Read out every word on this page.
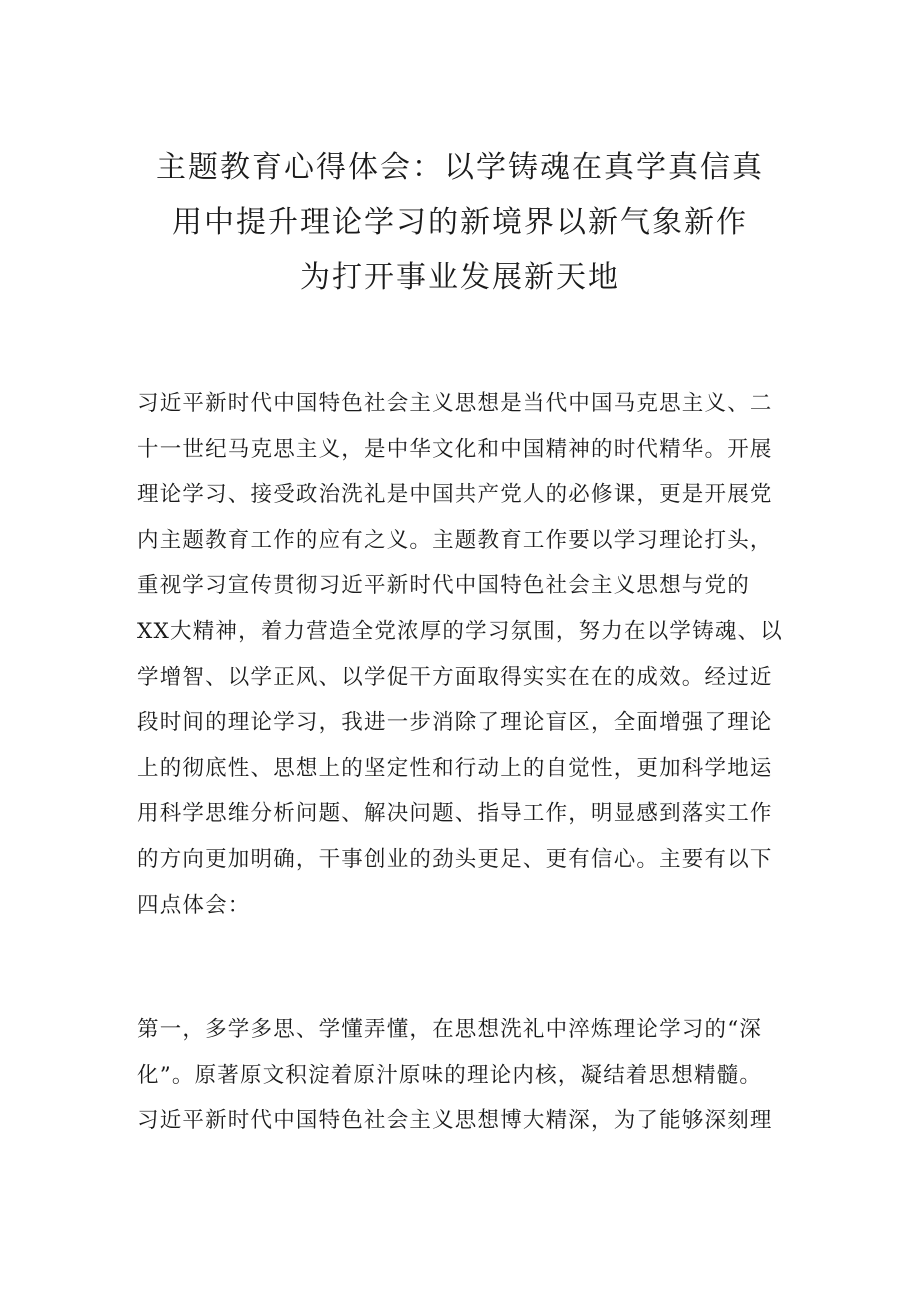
主题教育心得体会：以学铸魂在真学真信真
用中提升理论学习的新境界以新气象新作
为打开事业发展新天地
习近平新时代中国特色社会主义思想是当代中国马克思主义、二
十一世纪马克思主义，是中华文化和中国精神的时代精华。开展
理论学习、接受政治洗礼是中国共产党人的必修课，更是开展党
内主题教育工作的应有之义。主题教育工作要以学习理论打头，
重视学习宣传贯彻习近平新时代中国特色社会主义思想与党的
XX大精神，着力营造全党浓厚的学习氛围，努力在以学铸魂、以
学增智、以学正风、以学促干方面取得实实在在的成效。经过近
段时间的理论学习，我进一步消除了理论盲区，全面增强了理论
上的彻底性、思想上的坚定性和行动上的自觉性，更加科学地运
用科学思维分析问题、解决问题、指导工作，明显感到落实工作
的方向更加明确，干事创业的劲头更足、更有信心。主要有以下
四点体会：
第一，多学多思、学懂弄懂，在思想洗礼中淬炼理论学习的“深
化”。原著原文积淀着原汁原味的理论内核，凝结着思想精髓。
习近平新时代中国特色社会主义思想博大精深，为了能够深刻理
